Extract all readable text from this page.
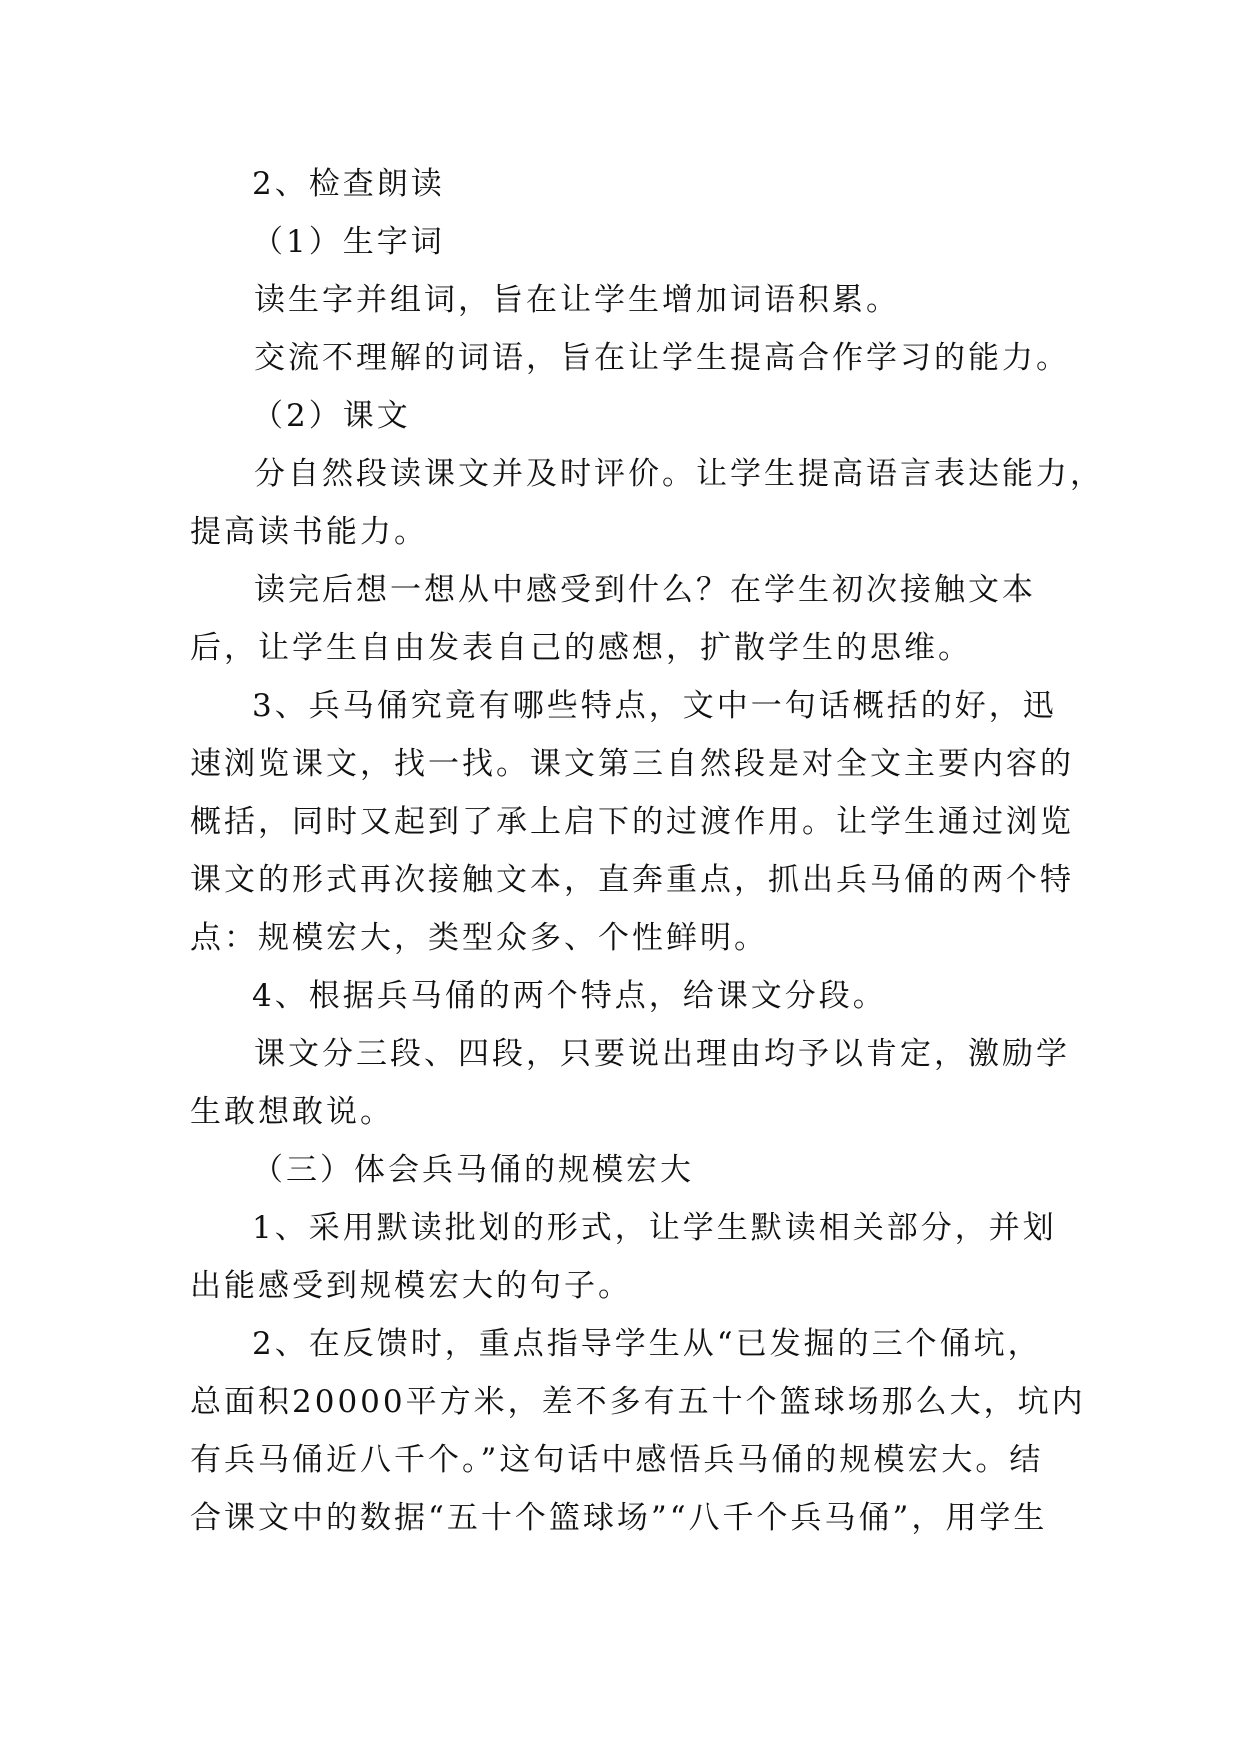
2、检查朗读

（1）生字词

读生字并组词，旨在让学生增加词语积累。

交流不理解的词语，旨在让学生提高合作学习的能力。

（2）课文

分自然段读课文并及时评价。让学生提高语言表达能力，

提高读书能力。

读完后想一想从中感受到什么？在学生初次接触文本

后，让学生自由发表自己的感想，扩散学生的思维。

3、兵马俑究竟有哪些特点，文中一句话概括的好，迅

速浏览课文，找一找。课文第三自然段是对全文主要内容的

概括，同时又起到了承上启下的过渡作用。让学生通过浏览

课文的形式再次接触文本，直奔重点，抓出兵马俑的两个特

点：规模宏大，类型众多、个性鲜明。

4、根据兵马俑的两个特点，给课文分段。

课文分三段、四段，只要说出理由均予以肯定，激励学

生敢想敢说。

（三）体会兵马俑的规模宏大

1、采用默读批划的形式，让学生默读相关部分，并划

出能感受到规模宏大的句子。

2、在反馈时，重点指导学生从“已发掘的三个俑坑，

总面积20000平方米，差不多有五十个篮球场那么大，坑内

有兵马俑近八千个。”这句话中感悟兵马俑的规模宏大。结

合课文中的数据“五十个篮球场”“八千个兵马俑”，用学生
